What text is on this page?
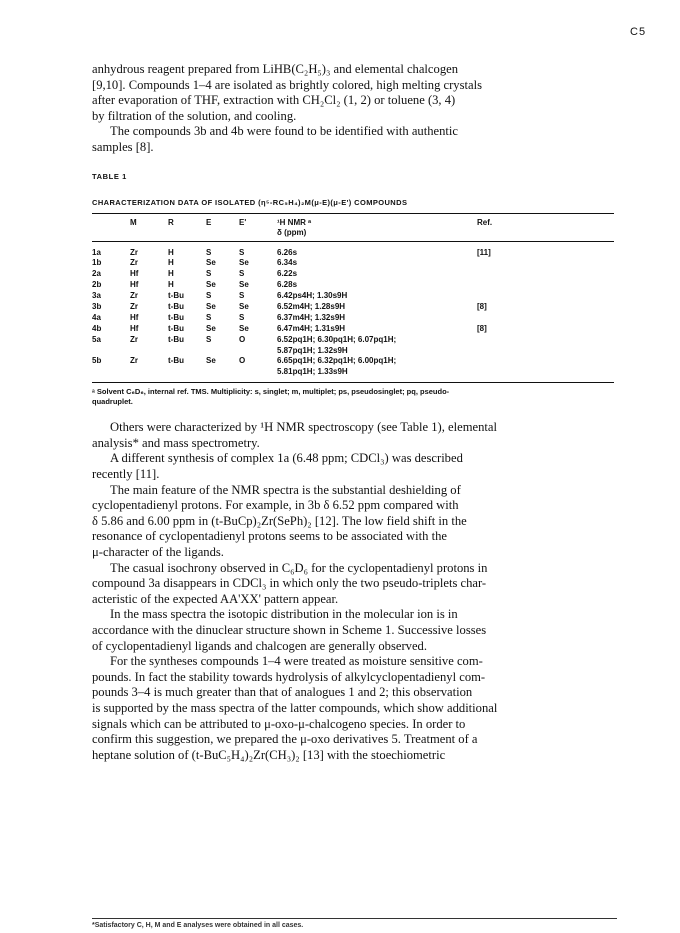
C5

anhydrous reagent prepared from LiHB(C₂H₅)₃ and elemental chalcogen

[9,10]. Compounds 1–4 are isolated as brightly colored, high melting crystals

after evaporation of THF, extraction with CH₂Cl₂ (1, 2) or toluene (3, 4)

by filtration of the solution, and cooling.

The compounds 3b and 4b were found to be identified with authentic

samples [8].

TABLE 1
CHARACTERIZATION DATA OF ISOLATED (η⁵-RC₅H₄)₂M(μ-E)(μ-E') COMPOUNDS
	M	R	E	E'	¹H NMR ᵃ	Ref.
					δ (ppm)	
1a	Zr	H	S	S	6.26s	[11]
1b	Zr	H	Se	Se	6.34s	
2a	Hf	H	S	S	6.22s	
2b	Hf	H	Se	Se	6.28s	
3a	Zr	t-Bu	S	S	6.42ps4H; 1.30s9H	
3b	Zr	t-Bu	Se	Se	6.52m4H; 1.28s9H	[8]
4a	Hf	t-Bu	S	S	6.37m4H; 1.32s9H	
4b	Hf	t-Bu	Se	Se	6.47m4H; 1.31s9H	[8]
5a	Zr	t-Bu	S	O	6.52pq1H; 6.30pq1H; 6.07pq1H;	
					5.87pq1H; 1.32s9H	
5b	Zr	t-Bu	Se	O	6.65pq1H; 6.32pq1H; 6.00pq1H;	
					5.81pq1H; 1.33s9H	
ᵃ Solvent C₆D₆, internal ref. TMS. Multiplicity: s, singlet; m, multiplet; ps, pseudosinglet; pq, pseudo-
quadruplet.

Others were characterized by ¹H NMR spectroscopy (see Table 1), elemental

analysis* and mass spectrometry.

A different synthesis of complex 1a (6.48 ppm; CDCl₃) was described

recently [11].

The main feature of the NMR spectra is the substantial deshielding of

cyclopentadienyl protons. For example, in 3b δ 6.52 ppm compared with

δ 5.86 and 6.00 ppm in (t-BuCp)₂Zr(SePh)₂ [12]. The low field shift in the

resonance of cyclopentadienyl protons seems to be associated with the

μ-character of the ligands.

The casual isochrony observed in C₆D₆ for the cyclopentadienyl protons in

compound 3a disappears in CDCl₃ in which only the two pseudo-triplets char-

acteristic of the expected AA'XX' pattern appear.

In the mass spectra the isotopic distribution in the molecular ion is in

accordance with the dinuclear structure shown in Scheme 1. Successive losses

of cyclopentadienyl ligands and chalcogen are generally observed.

For the syntheses compounds 1–4 were treated as moisture sensitive com-

pounds. In fact the stability towards hydrolysis of alkylcyclopentadienyl com-

pounds 3–4 is much greater than that of analogues 1 and 2; this observation

is supported by the mass spectra of the latter compounds, which show additional

signals which can be attributed to μ-oxo-μ-chalcogeno species. In order to

confirm this suggestion, we prepared the μ-oxo derivatives 5. Treatment of a

heptane solution of (t-BuC₅H₄)₂Zr(CH₃)₂ [13] with the stoechiometric

*Satisfactory C, H, M and E analyses were obtained in all cases.
